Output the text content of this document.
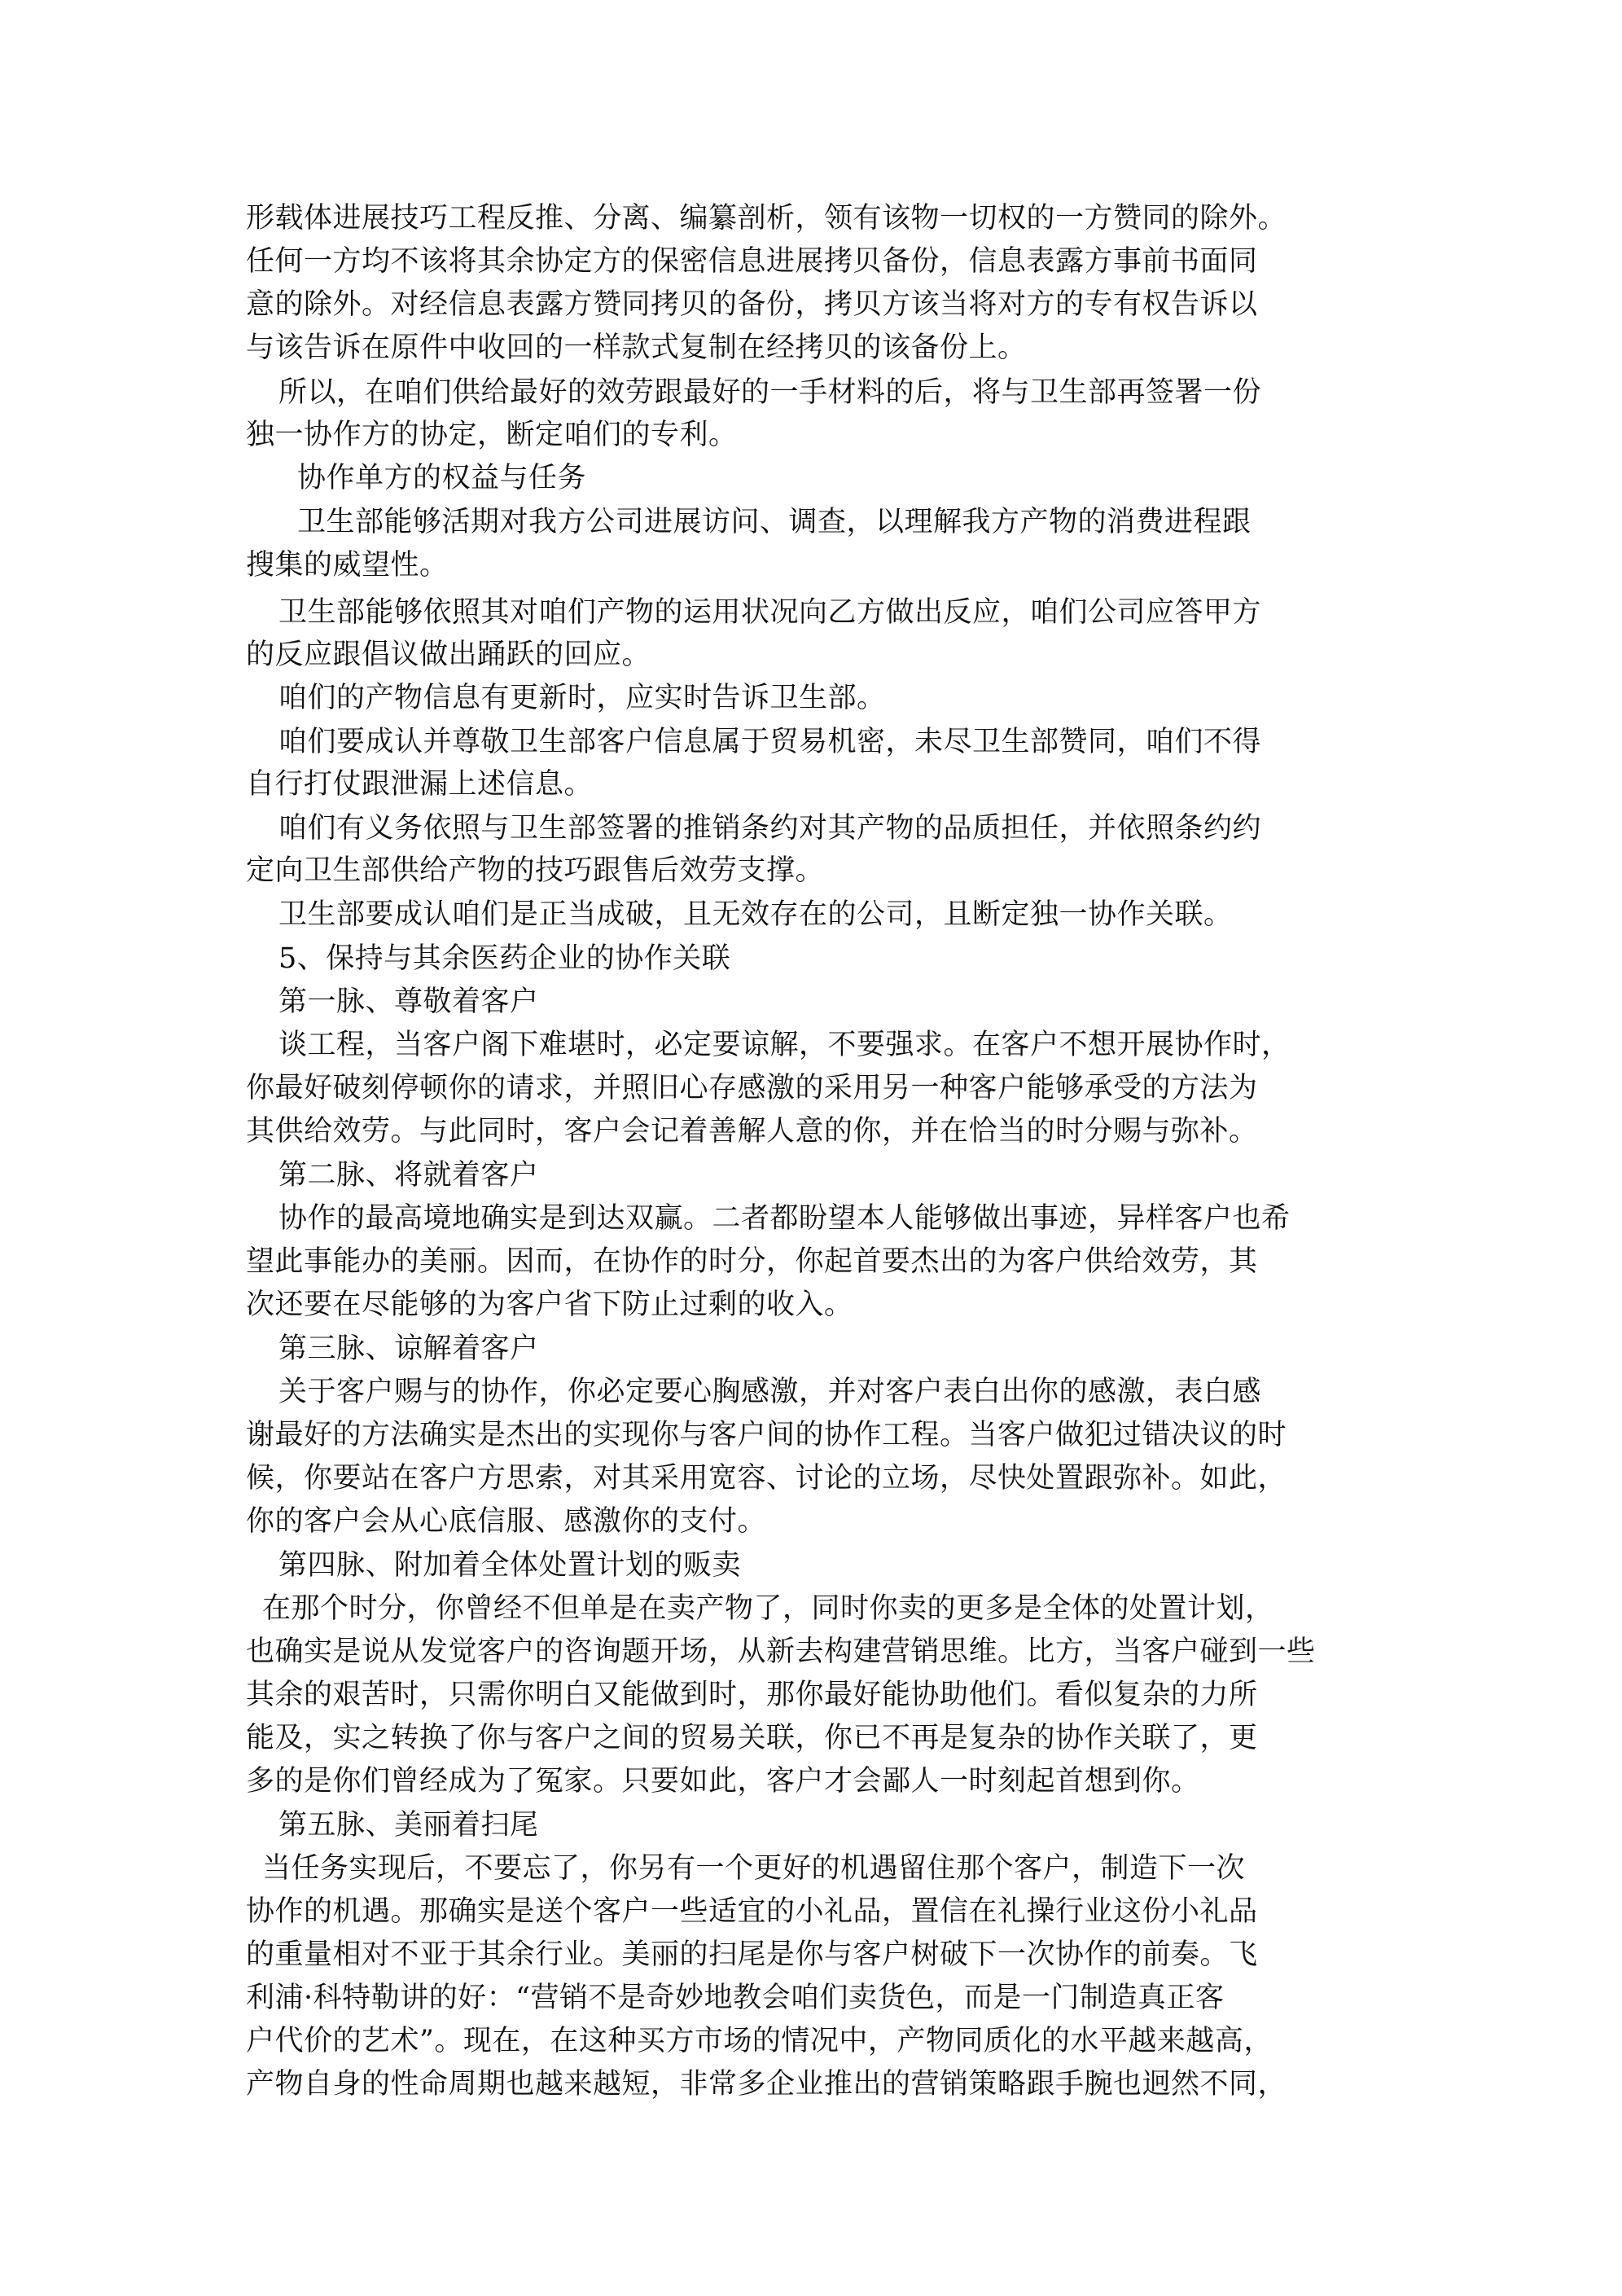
形载体进展技巧工程反推、分离、编纂剖析，领有该物一切权的一方赞同的除外。
任何一方均不该将其余协定方的保密信息进展拷贝备份，信息表露方事前书面同
意的除外。对经信息表露方赞同拷贝的备份，拷贝方该当将对方的专有权告诉以
与该告诉在原件中收回的一样款式复制在经拷贝的该备份上。
所以，在咱们供给最好的效劳跟最好的一手材料的后，将与卫生部再签署一份
独一协作方的协定，断定咱们的专利。
协作单方的权益与任务
卫生部能够活期对我方公司进展访问、调查，以理解我方产物的消费进程跟
搜集的威望性。
卫生部能够依照其对咱们产物的运用状况向乙方做出反应，咱们公司应答甲方
的反应跟倡议做出踊跃的回应。
咱们的产物信息有更新时，应实时告诉卫生部。
咱们要成认并尊敬卫生部客户信息属于贸易机密，未尽卫生部赞同，咱们不得
自行打仗跟泄漏上述信息。
咱们有义务依照与卫生部签署的推销条约对其产物的品质担任，并依照条约约
定向卫生部供给产物的技巧跟售后效劳支撑。
卫生部要成认咱们是正当成破，且无效存在的公司，且断定独一协作关联。
5、保持与其余医药企业的协作关联
第一脉、尊敬着客户
谈工程，当客户阁下难堪时，必定要谅解，不要强求。在客户不想开展协作时，
你最好破刻停顿你的请求，并照旧心存感激的采用另一种客户能够承受的方法为
其供给效劳。与此同时，客户会记着善解人意的你，并在恰当的时分赐与弥补。
第二脉、将就着客户
协作的最高境地确实是到达双赢。二者都盼望本人能够做出事迹，异样客户也希
望此事能办的美丽。因而，在协作的时分，你起首要杰出的为客户供给效劳，其
次还要在尽能够的为客户省下防止过剩的收入。
第三脉、谅解着客户
关于客户赐与的协作，你必定要心胸感激，并对客户表白出你的感激，表白感
谢最好的方法确实是杰出的实现你与客户间的协作工程。当客户做犯过错决议的时
候，你要站在客户方思索，对其采用宽容、讨论的立场，尽快处置跟弥补。如此，
你的客户会从心底信服、感激你的支付。
第四脉、附加着全体处置计划的贩卖
在那个时分，你曾经不但单是在卖产物了，同时你卖的更多是全体的处置计划，
也确实是说从发觉客户的咨询题开场，从新去构建营销思维。比方，当客户碰到一些
其余的艰苦时，只需你明白又能做到时，那你最好能协助他们。看似复杂的力所
能及，实之转换了你与客户之间的贸易关联，你已不再是复杂的协作关联了，更
多的是你们曾经成为了冤家。只要如此，客户才会鄙人一时刻起首想到你。
第五脉、美丽着扫尾
当任务实现后，不要忘了，你另有一个更好的机遇留住那个客户，制造下一次
协作的机遇。那确实是送个客户一些适宜的小礼品，置信在礼操行业这份小礼品
的重量相对不亚于其余行业。美丽的扫尾是你与客户树破下一次协作的前奏。飞
利浦·科特勒讲的好：“营销不是奇妙地教会咱们卖货色，而是一门制造真正客
户代价的艺术”。现在，在这种买方市场的情况中，产物同质化的水平越来越高，
产物自身的性命周期也越来越短，非常多企业推出的营销策略跟手腕也迥然不同，
